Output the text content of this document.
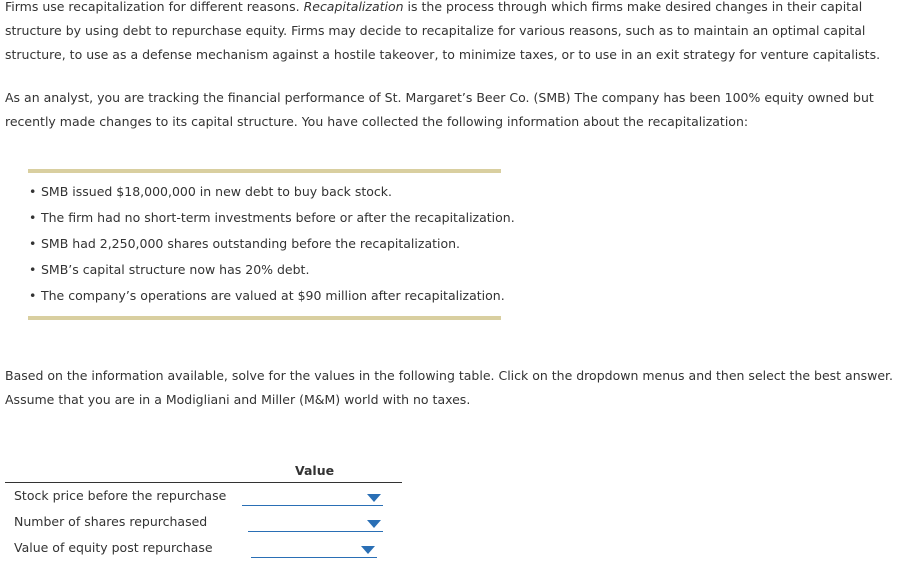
Firms use recapitalization for different reasons. Recapitalization is the process through which firms make desired changes in their capital structure by using debt to repurchase equity. Firms may decide to recapitalize for various reasons, such as to maintain an optimal capital structure, to use as a defense mechanism against a hostile takeover, to minimize taxes, or to use in an exit strategy for venture capitalists.

As an analyst, you are tracking the financial performance of St. Margaret’s Beer Co. (SMB) The company has been 100% equity owned but recently made changes to its capital structure. You have collected the following information about the recapitalization:

• SMB issued $18,000,000 in new debt to buy back stock.
• The firm had no short-term investments before or after the recapitalization.
• SMB had 2,250,000 shares outstanding before the recapitalization.
• SMB’s capital structure now has 20% debt.
• The company’s operations are valued at $90 million after recapitalization.

Based on the information available, solve for the values in the following table. Click on the dropdown menus and then select the best answer. Assume that you are in a Modigliani and Miller (M&M) world with no taxes.

Value
Stock price before the repurchase
Number of shares repurchased
Value of equity post repurchase
